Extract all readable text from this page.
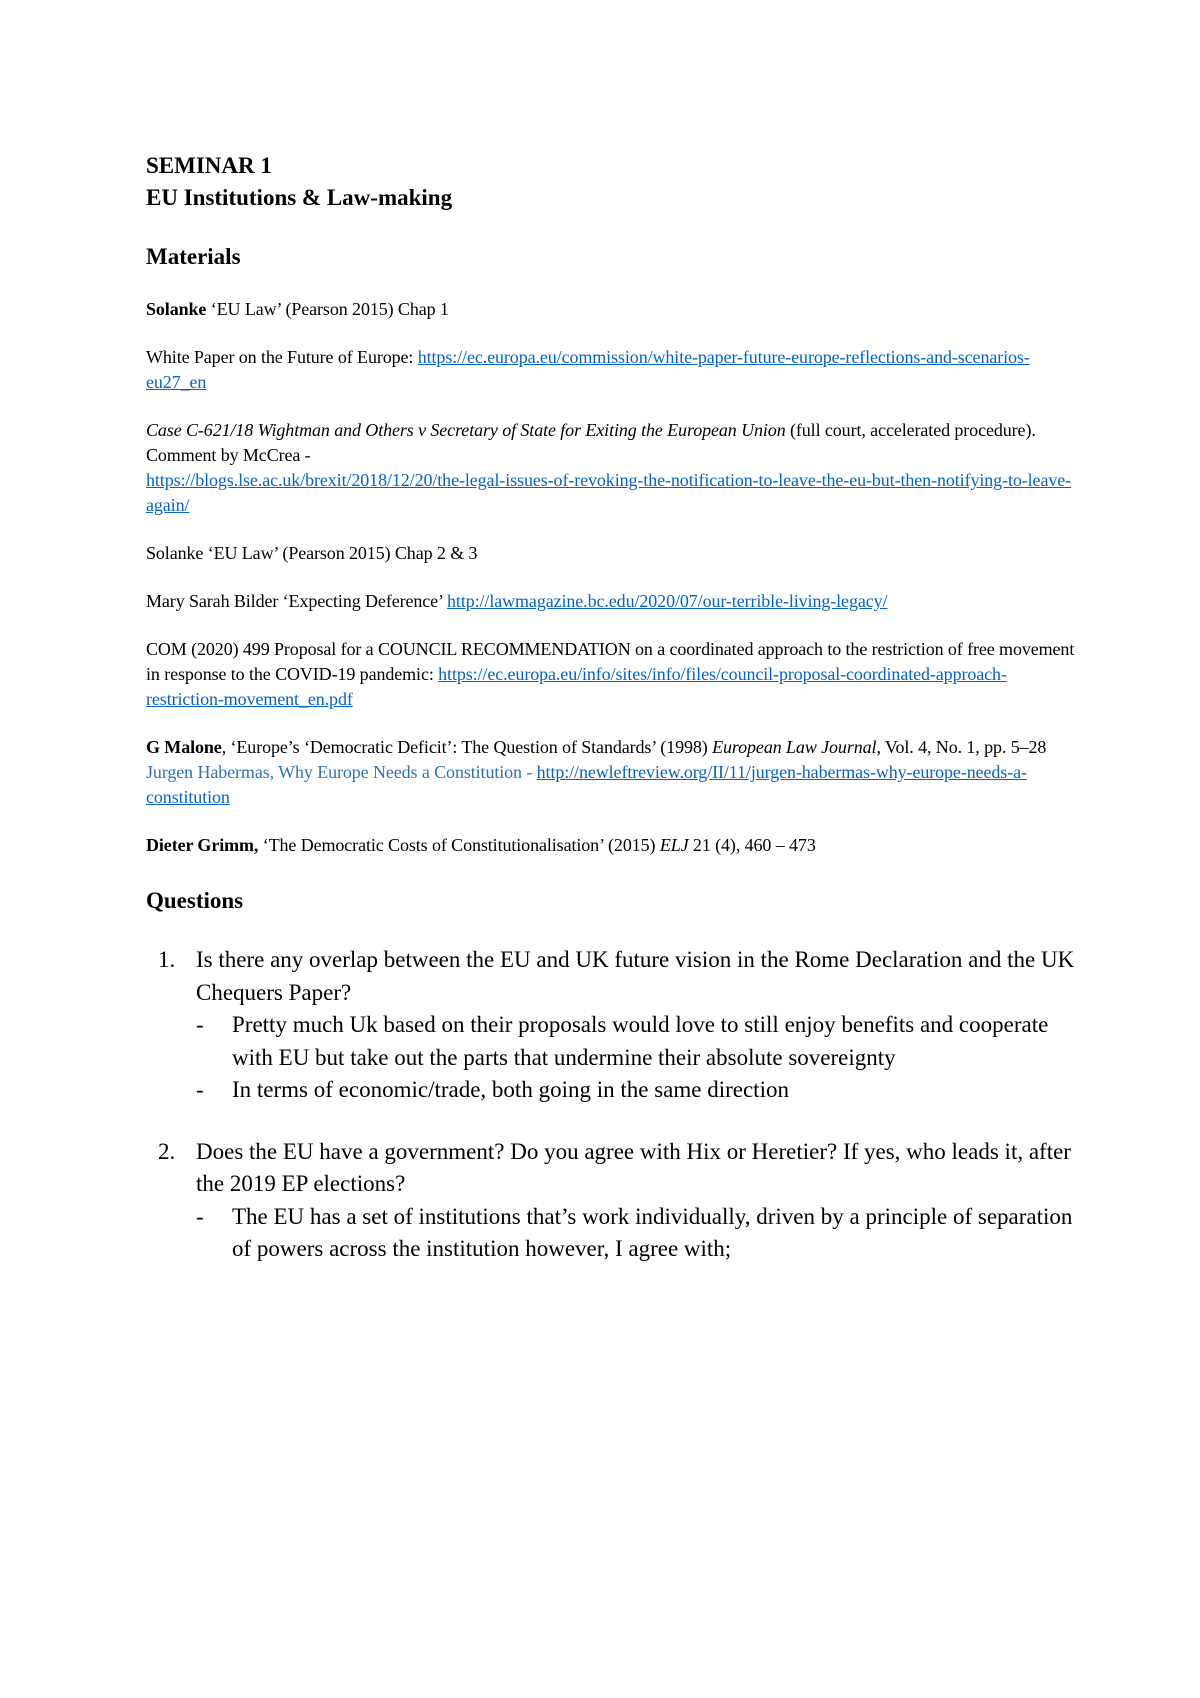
SEMINAR 1

EU Institutions & Law-making

Materials

Solanke ‘EU Law’ (Pearson 2015) Chap 1

White Paper on the Future of Europe: https://ec.europa.eu/commission/white-paper-future-europe-reflections-and-scenarios-eu27_en

Case C-621/18 Wightman and Others v Secretary of State for Exiting the European Union (full court, accelerated procedure).
Comment by McCrea -
https://blogs.lse.ac.uk/brexit/2018/12/20/the-legal-issues-of-revoking-the-notification-to-leave-the-eu-but-then-notifying-to-leave-again/

Solanke ‘EU Law’ (Pearson 2015) Chap 2 & 3

Mary Sarah Bilder ‘Expecting Deference’ http://lawmagazine.bc.edu/2020/07/our-terrible-living-legacy/

COM (2020) 499 Proposal for a COUNCIL RECOMMENDATION on a coordinated approach to the restriction of free movement in response to the COVID-19 pandemic: https://ec.europa.eu/info/sites/info/files/council-proposal-coordinated-approach-restriction-movement_en.pdf

G Malone, ‘Europe’s ‘Democratic Deficit’: The Question of Standards’ (1998) European Law Journal, Vol. 4, No. 1, pp. 5–28
Jurgen Habermas, Why Europe Needs a Constitution - http://newleftreview.org/II/11/jurgen-habermas-why-europe-needs-a-constitution

Dieter Grimm, ‘The Democratic Costs of Constitutionalisation’ (2015) ELJ 21 (4), 460 – 473

Questions

1. Is there any overlap between the EU and UK future vision in the Rome Declaration and the UK Chequers Paper?
- Pretty much Uk based on their proposals would love to still enjoy benefits and cooperate with EU but take out the parts that undermine their absolute sovereignty
- In terms of economic/trade, both going in the same direction
2. Does the EU have a government? Do you agree with Hix or Heretier? If yes, who leads it, after the 2019 EP elections?
- The EU has a set of institutions that’s work individually, driven by a principle of separation of powers across the institution however, I agree with;
